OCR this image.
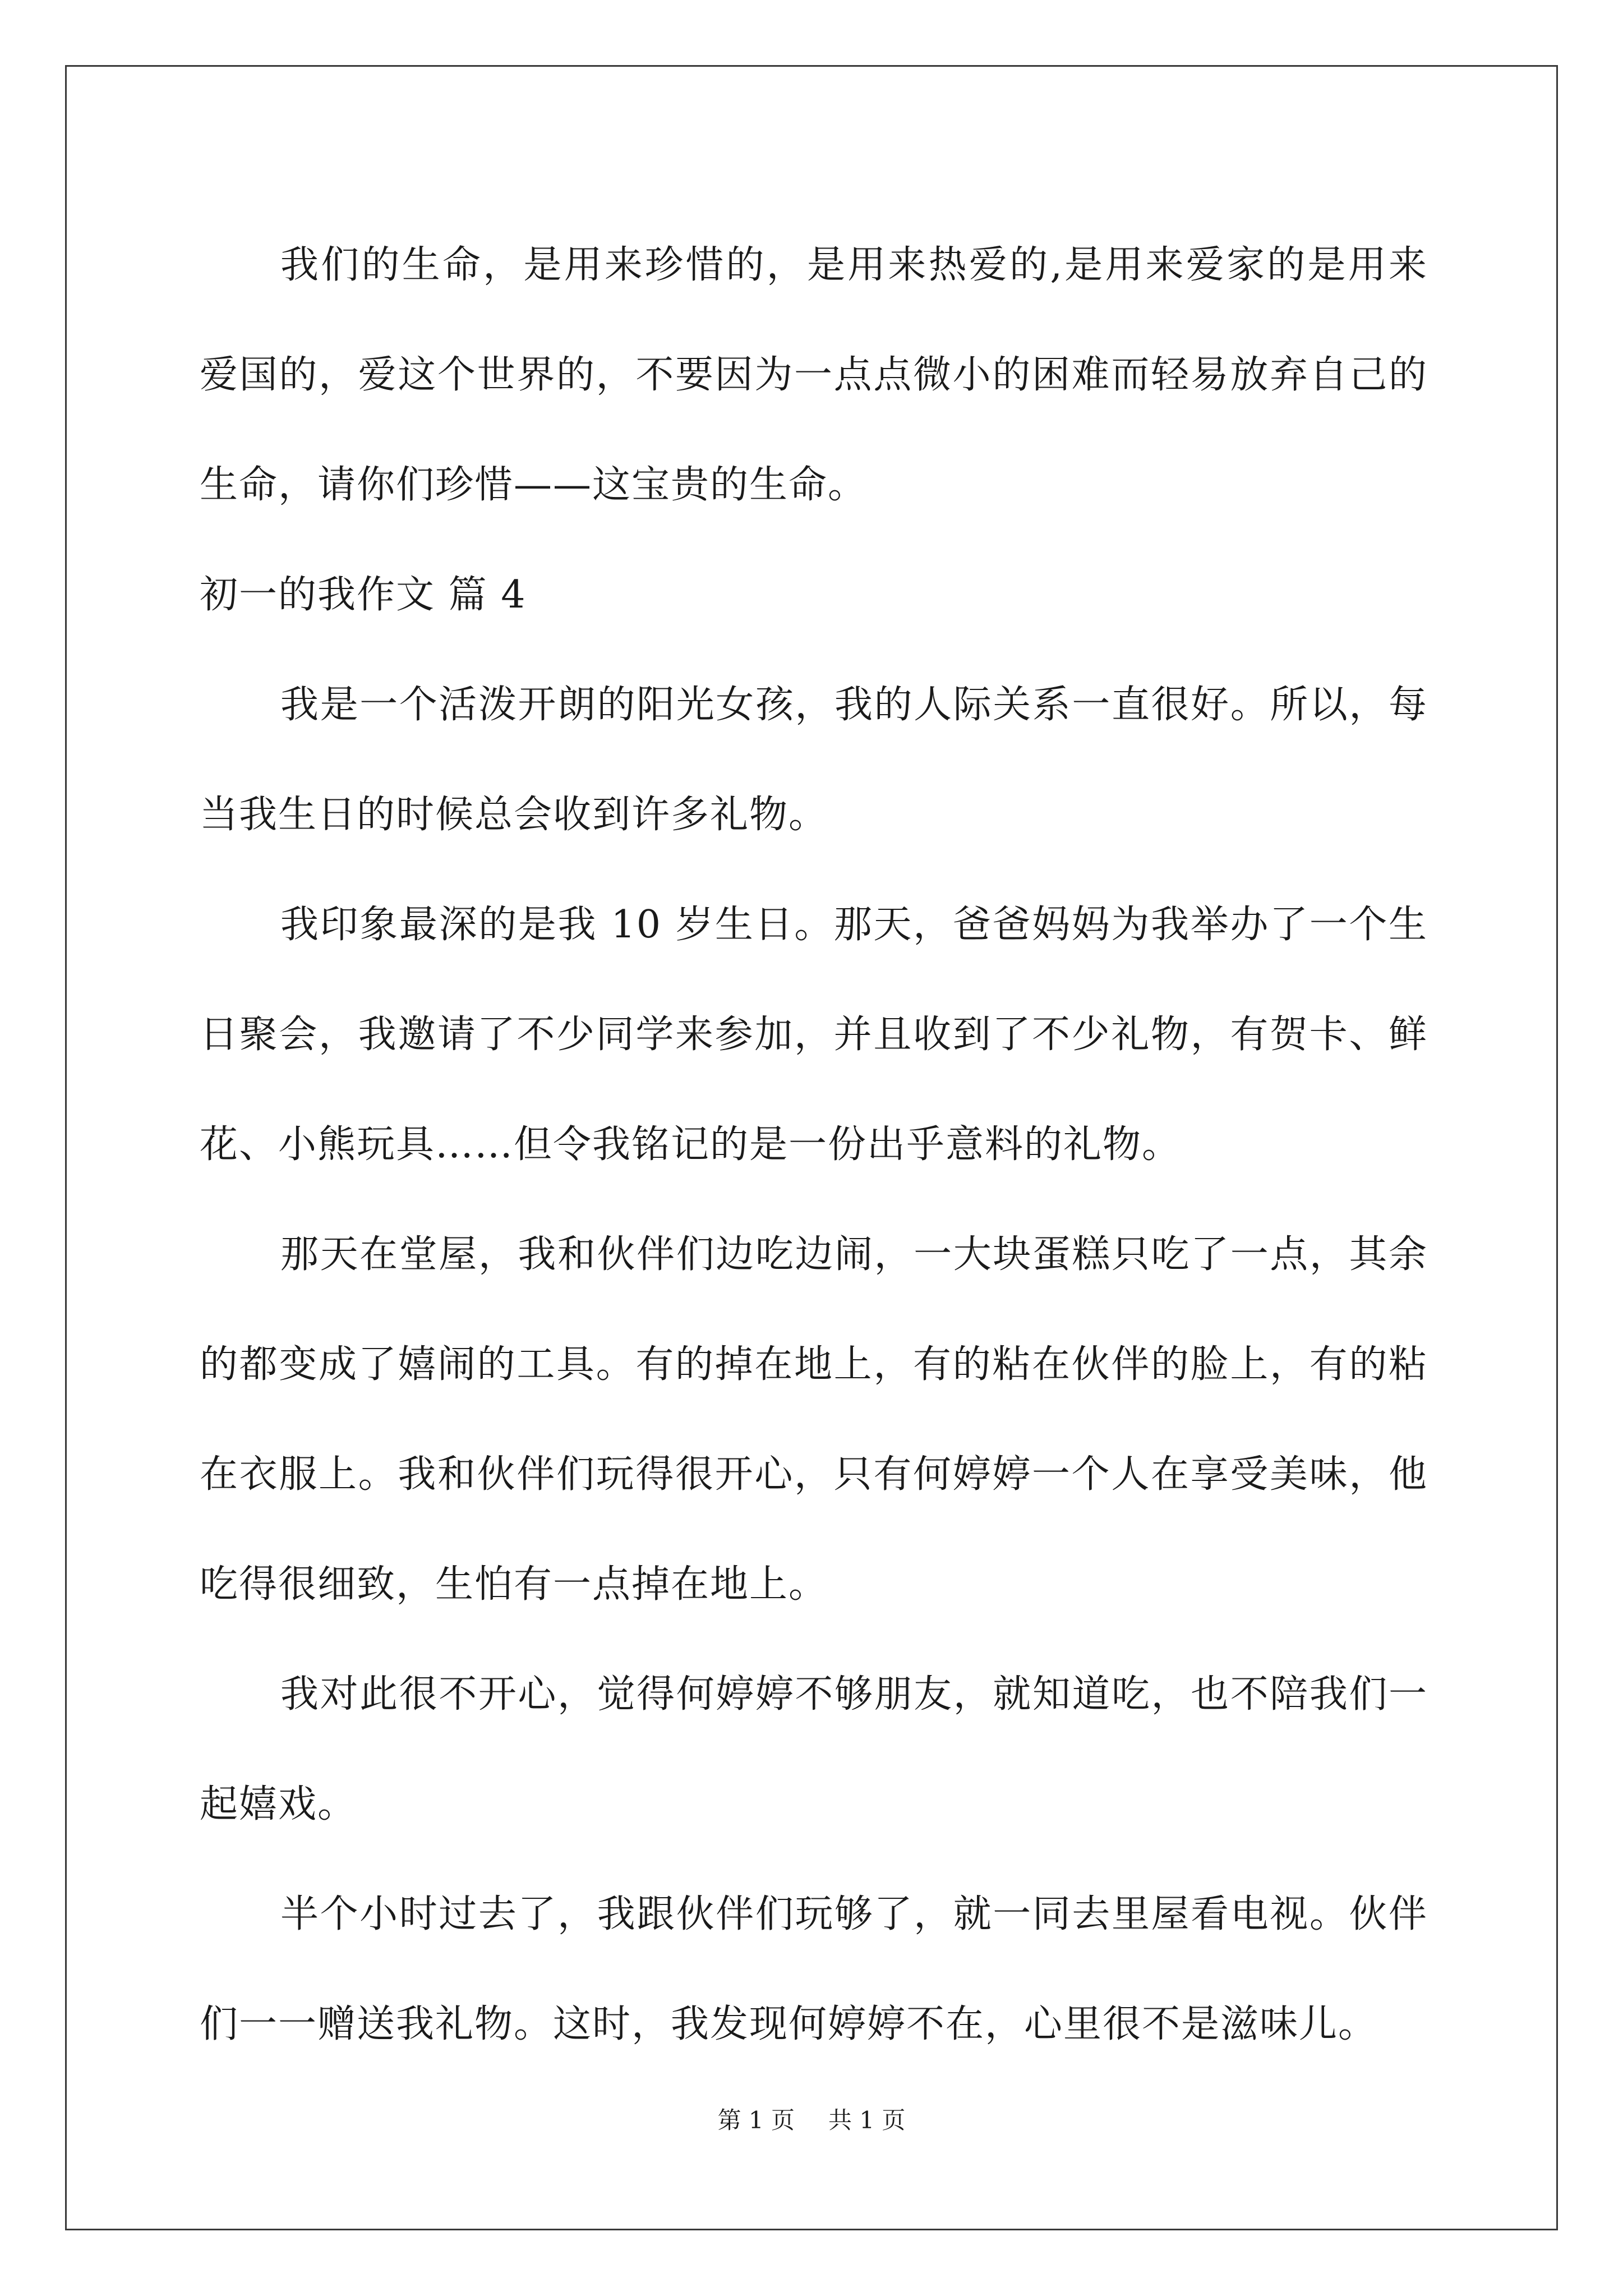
我们的生命，是用来珍惜的，是用来热爱的,是用来爱家的是用来爱国的，爱这个世界的，不要因为一点点微小的困难而轻易放弃自己的生命，请你们珍惜——这宝贵的生命。

初一的我作文 篇 4

我是一个活泼开朗的阳光女孩，我的人际关系一直很好。所以，每当我生日的时候总会收到许多礼物。

我印象最深的是我 10 岁生日。那天，爸爸妈妈为我举办了一个生日聚会，我邀请了不少同学来参加，并且收到了不少礼物，有贺卡、鲜花、小熊玩具……但令我铭记的是一份出乎意料的礼物。

那天在堂屋，我和伙伴们边吃边闹，一大块蛋糕只吃了一点，其余的都变成了嬉闹的工具。有的掉在地上，有的粘在伙伴的脸上，有的粘在衣服上。我和伙伴们玩得很开心，只有何婷婷一个人在享受美味，他吃得很细致，生怕有一点掉在地上。

我对此很不开心，觉得何婷婷不够朋友，就知道吃，也不陪我们一起嬉戏。

半个小时过去了，我跟伙伴们玩够了，就一同去里屋看电视。伙伴们一一赠送我礼物。这时，我发现何婷婷不在，心里很不是滋味儿。

第 1 页 共 1 页
